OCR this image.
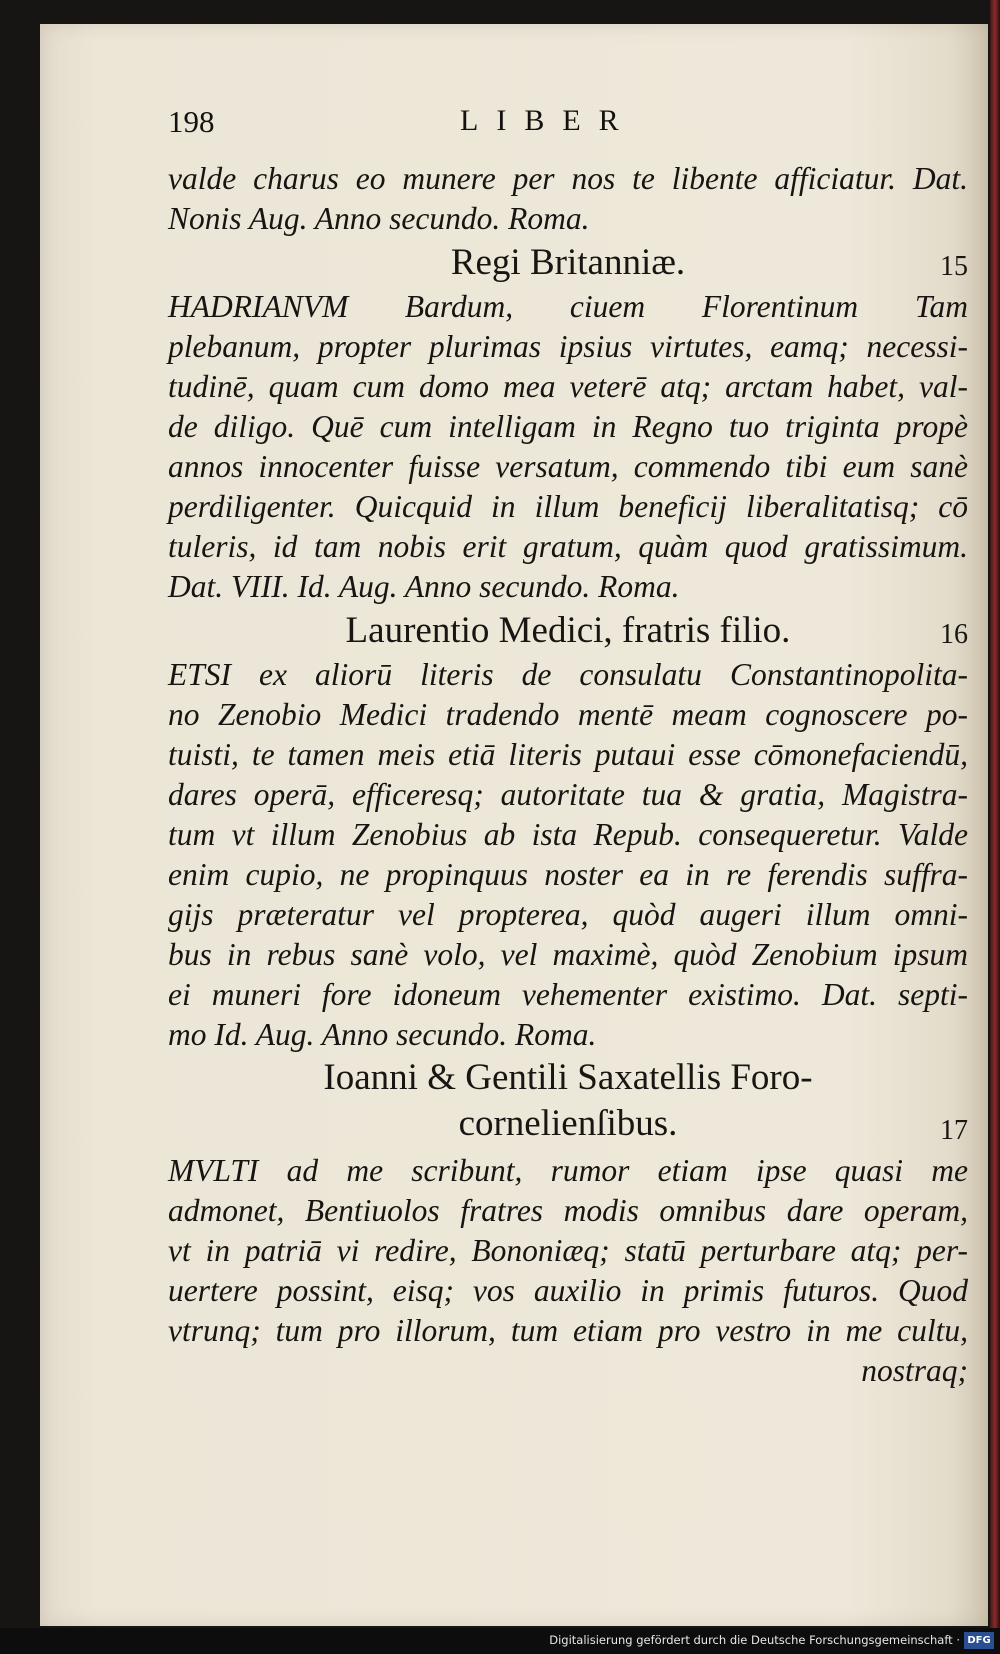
198	LIBER
valde charus eo munere per nos te libente afficiatur. Dat.
Nonis Aug. Anno secundo. Roma.
Regi Britanniæ.	15
HADRIANVM Bardum, ciuem Florentinum Tam
plebanum, propter plurimas ipsius virtutes, eamq; necessi-
tudinē, quam cum domo mea veterē atq; arctam habet, val-
de diligo. Quē cum intelligam in Regno tuo triginta propè
annos innocenter fuisse versatum, commendo tibi eum sanè
perdiligenter. Quicquid in illum beneficij liberalitatisq; cō
tuleris, id tam nobis erit gratum, quàm quod gratissimum.
Dat. VIII. Id. Aug. Anno secundo. Roma.
Laurentio Medici, fratris filio.	16
ETSI ex aliorū literis de consulatu Constantinopolita-
no Zenobio Medici tradendo mentē meam cognoscere po-
tuisti, te tamen meis etiā literis putaui esse cōmonefaciendū,
dares operā, efficeresq; autoritate tua & gratia, Magistra-
tum vt illum Zenobius ab ista Repub. consequeretur. Valde
enim cupio, ne propinquus noster ea in re ferendis suffra-
gijs præteratur vel propterea, quòd augeri illum omni-
bus in rebus sanè volo, vel maximè, quòd Zenobium ipsum
ei muneri fore idoneum vehementer existimo. Dat. septi-
mo Id. Aug. Anno secundo. Roma.
Ioanni & Gentili Saxatellis Foro-
cornelienſibus.	17
MVLTI ad me scribunt, rumor etiam ipse quasi me
admonet, Bentiuolos fratres modis omnibus dare operam,
vt in patriā vi redire, Bononiæq; statū perturbare atq; per-
uertere possint, eisq; vos auxilio in primis futuros. Quod
vtrunq; tum pro illorum, tum etiam pro vestro in me cultu,
nostraq;
Digitalisierung gefördert durch die Deutsche Forschungsgemeinschaft · DFG
